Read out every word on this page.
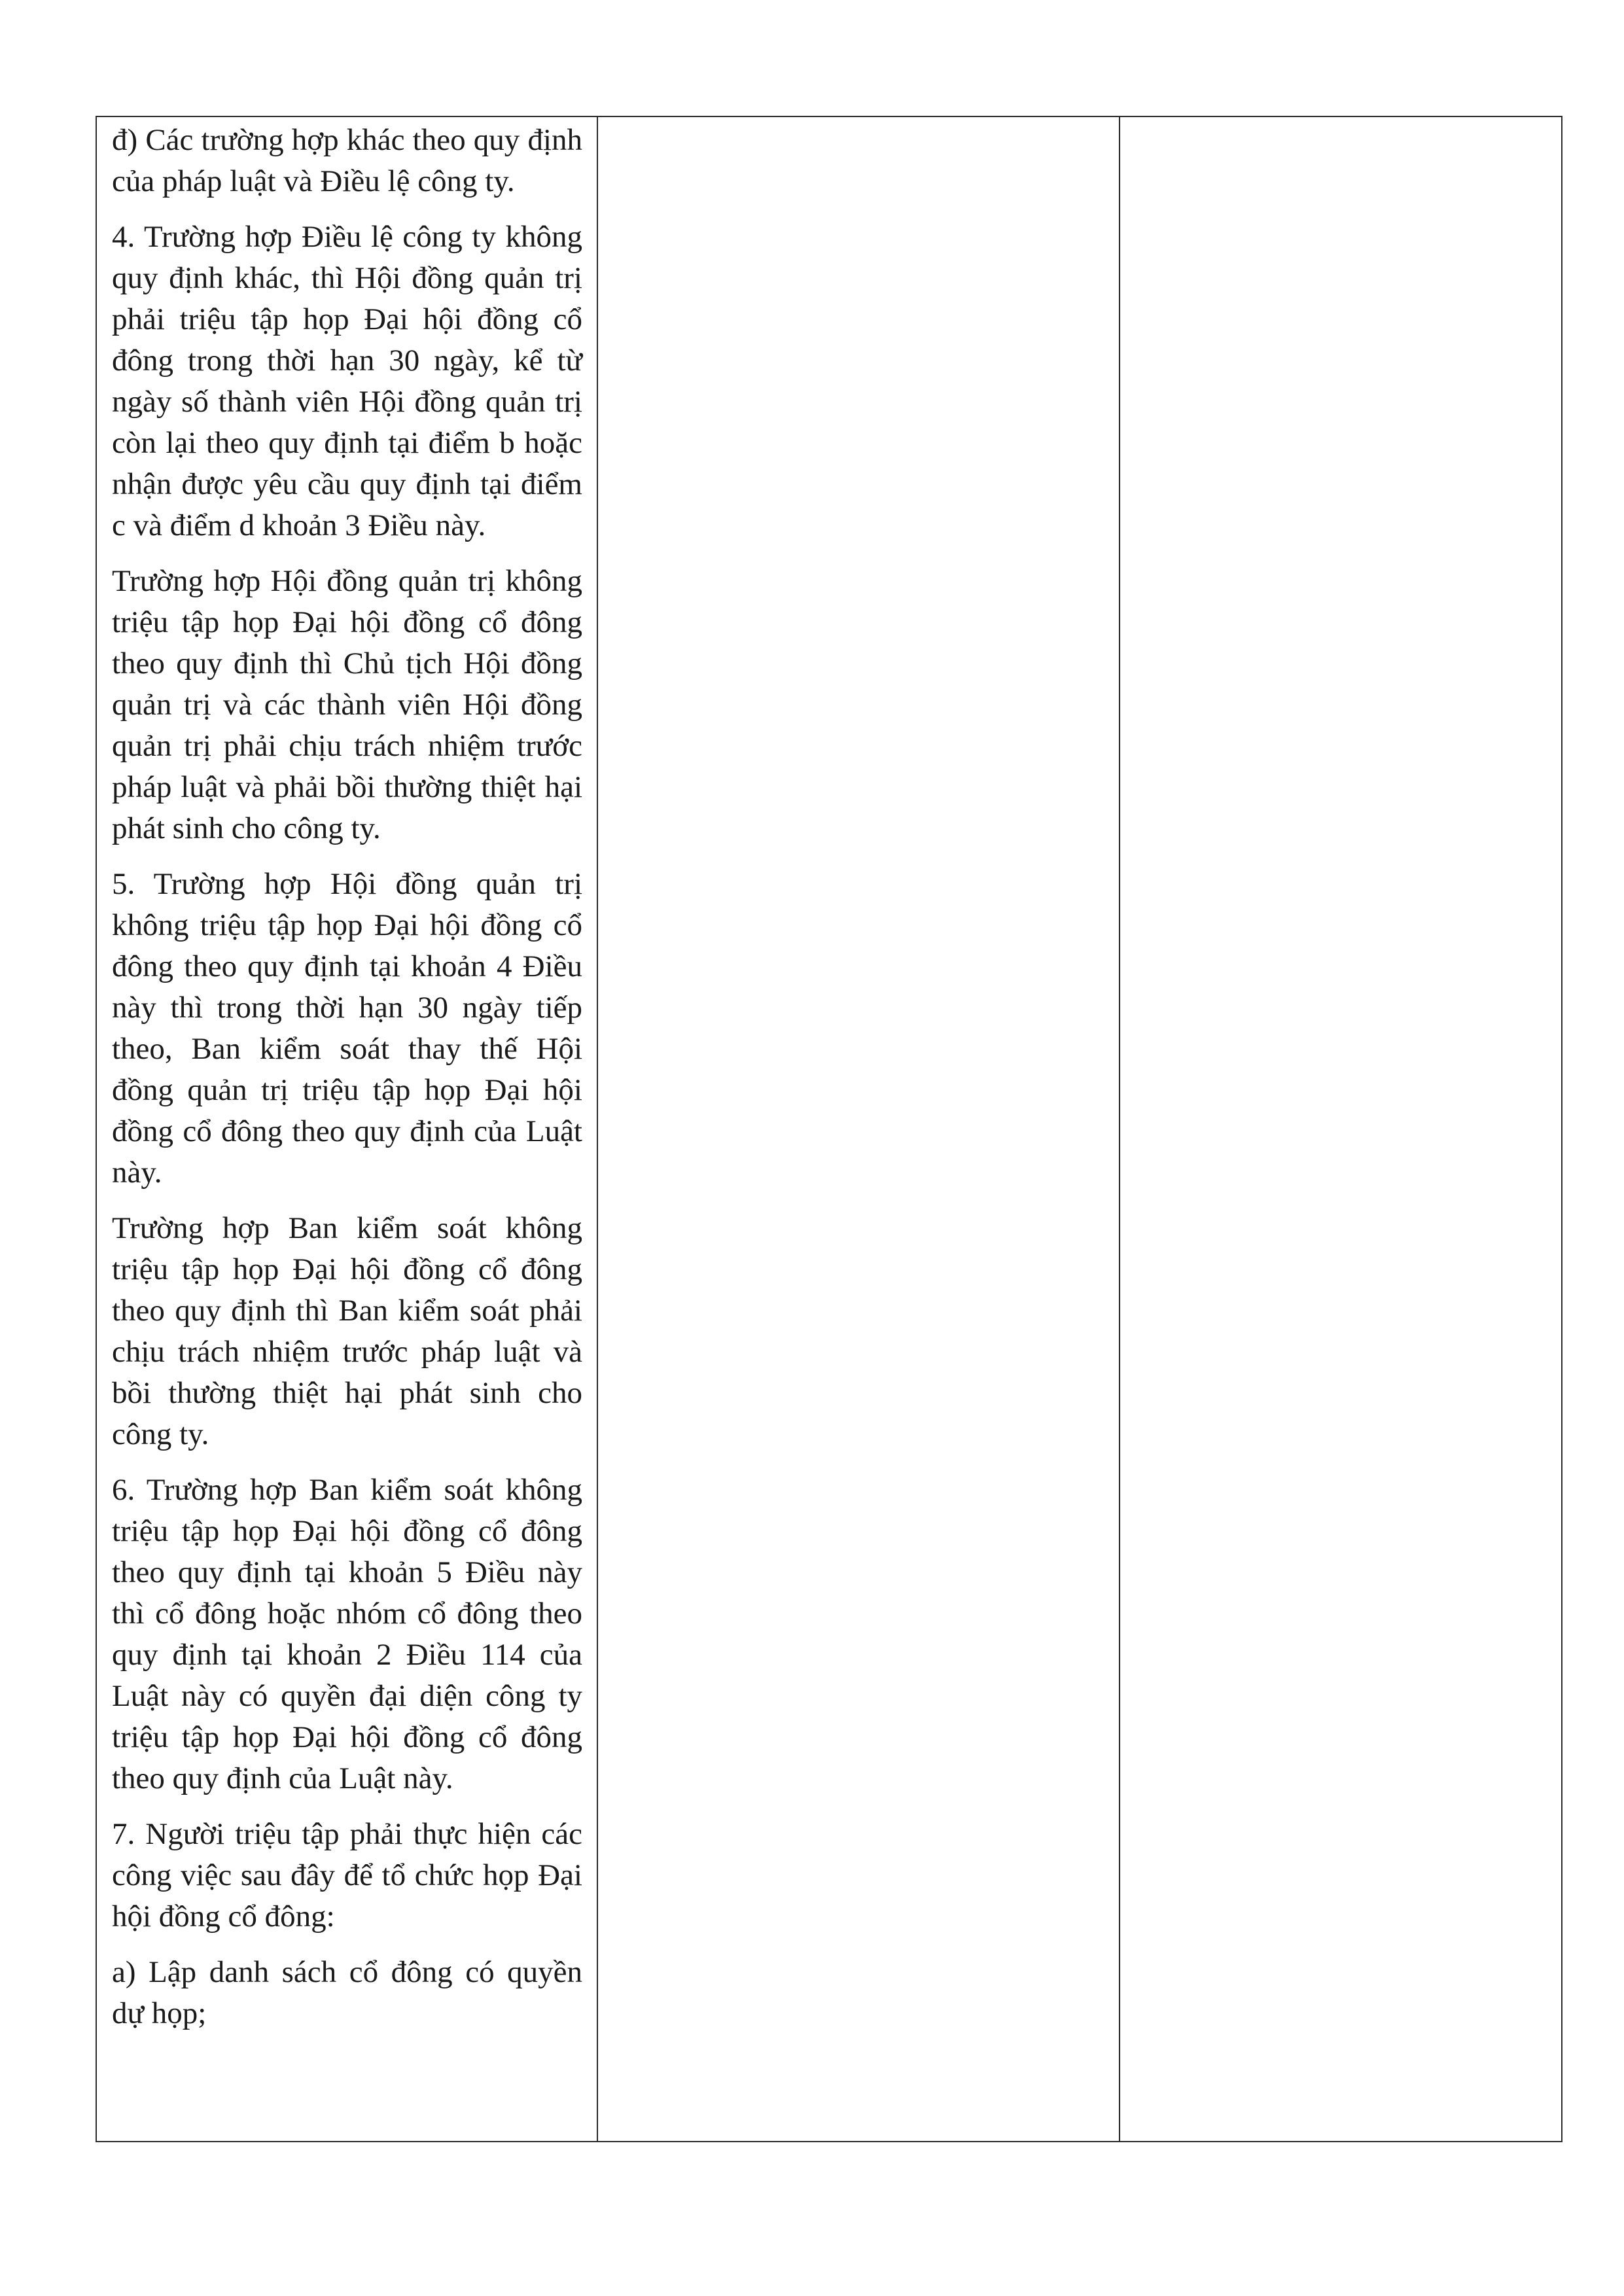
đ) Các trường hợp khác theo quy định của pháp luật và Điều lệ công ty.

4. Trường hợp Điều lệ công ty không quy định khác, thì Hội đồng quản trị phải triệu tập họp Đại hội đồng cổ đông trong thời hạn 30 ngày, kể từ ngày số thành viên Hội đồng quản trị còn lại theo quy định tại điểm b hoặc nhận được yêu cầu quy định tại điểm c và điểm d khoản 3 Điều này.

Trường hợp Hội đồng quản trị không triệu tập họp Đại hội đồng cổ đông theo quy định thì Chủ tịch Hội đồng quản trị và các thành viên Hội đồng quản trị phải chịu trách nhiệm trước pháp luật và phải bồi thường thiệt hại phát sinh cho công ty.

5. Trường hợp Hội đồng quản trị không triệu tập họp Đại hội đồng cổ đông theo quy định tại khoản 4 Điều này thì trong thời hạn 30 ngày tiếp theo, Ban kiểm soát thay thế Hội đồng quản trị triệu tập họp Đại hội đồng cổ đông theo quy định của Luật này.

Trường hợp Ban kiểm soát không triệu tập họp Đại hội đồng cổ đông theo quy định thì Ban kiểm soát phải chịu trách nhiệm trước pháp luật và bồi thường thiệt hại phát sinh cho công ty.

6. Trường hợp Ban kiểm soát không triệu tập họp Đại hội đồng cổ đông theo quy định tại khoản 5 Điều này thì cổ đông hoặc nhóm cổ đông theo quy định tại khoản 2 Điều 114 của Luật này có quyền đại diện công ty triệu tập họp Đại hội đồng cổ đông theo quy định của Luật này.

7. Người triệu tập phải thực hiện các công việc sau đây để tổ chức họp Đại hội đồng cổ đông:

a) Lập danh sách cổ đông có quyền dự họp;
